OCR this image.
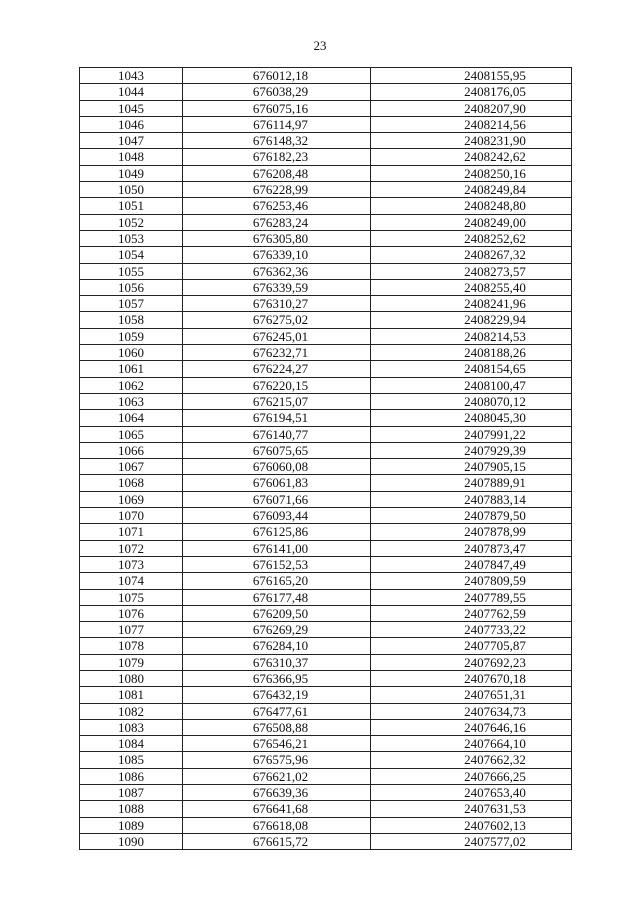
23
1043	676012,18	2408155,95
1044	676038,29	2408176,05
1045	676075,16	2408207,90
1046	676114,97	2408214,56
1047	676148,32	2408231,90
1048	676182,23	2408242,62
1049	676208,48	2408250,16
1050	676228,99	2408249,84
1051	676253,46	2408248,80
1052	676283,24	2408249,00
1053	676305,80	2408252,62
1054	676339,10	2408267,32
1055	676362,36	2408273,57
1056	676339,59	2408255,40
1057	676310,27	2408241,96
1058	676275,02	2408229,94
1059	676245,01	2408214,53
1060	676232,71	2408188,26
1061	676224,27	2408154,65
1062	676220,15	2408100,47
1063	676215,07	2408070,12
1064	676194,51	2408045,30
1065	676140,77	2407991,22
1066	676075,65	2407929,39
1067	676060,08	2407905,15
1068	676061,83	2407889,91
1069	676071,66	2407883,14
1070	676093,44	2407879,50
1071	676125,86	2407878,99
1072	676141,00	2407873,47
1073	676152,53	2407847,49
1074	676165,20	2407809,59
1075	676177,48	2407789,55
1076	676209,50	2407762,59
1077	676269,29	2407733,22
1078	676284,10	2407705,87
1079	676310,37	2407692,23
1080	676366,95	2407670,18
1081	676432,19	2407651,31
1082	676477,61	2407634,73
1083	676508,88	2407646,16
1084	676546,21	2407664,10
1085	676575,96	2407662,32
1086	676621,02	2407666,25
1087	676639,36	2407653,40
1088	676641,68	2407631,53
1089	676618,08	2407602,13
1090	676615,72	2407577,02
